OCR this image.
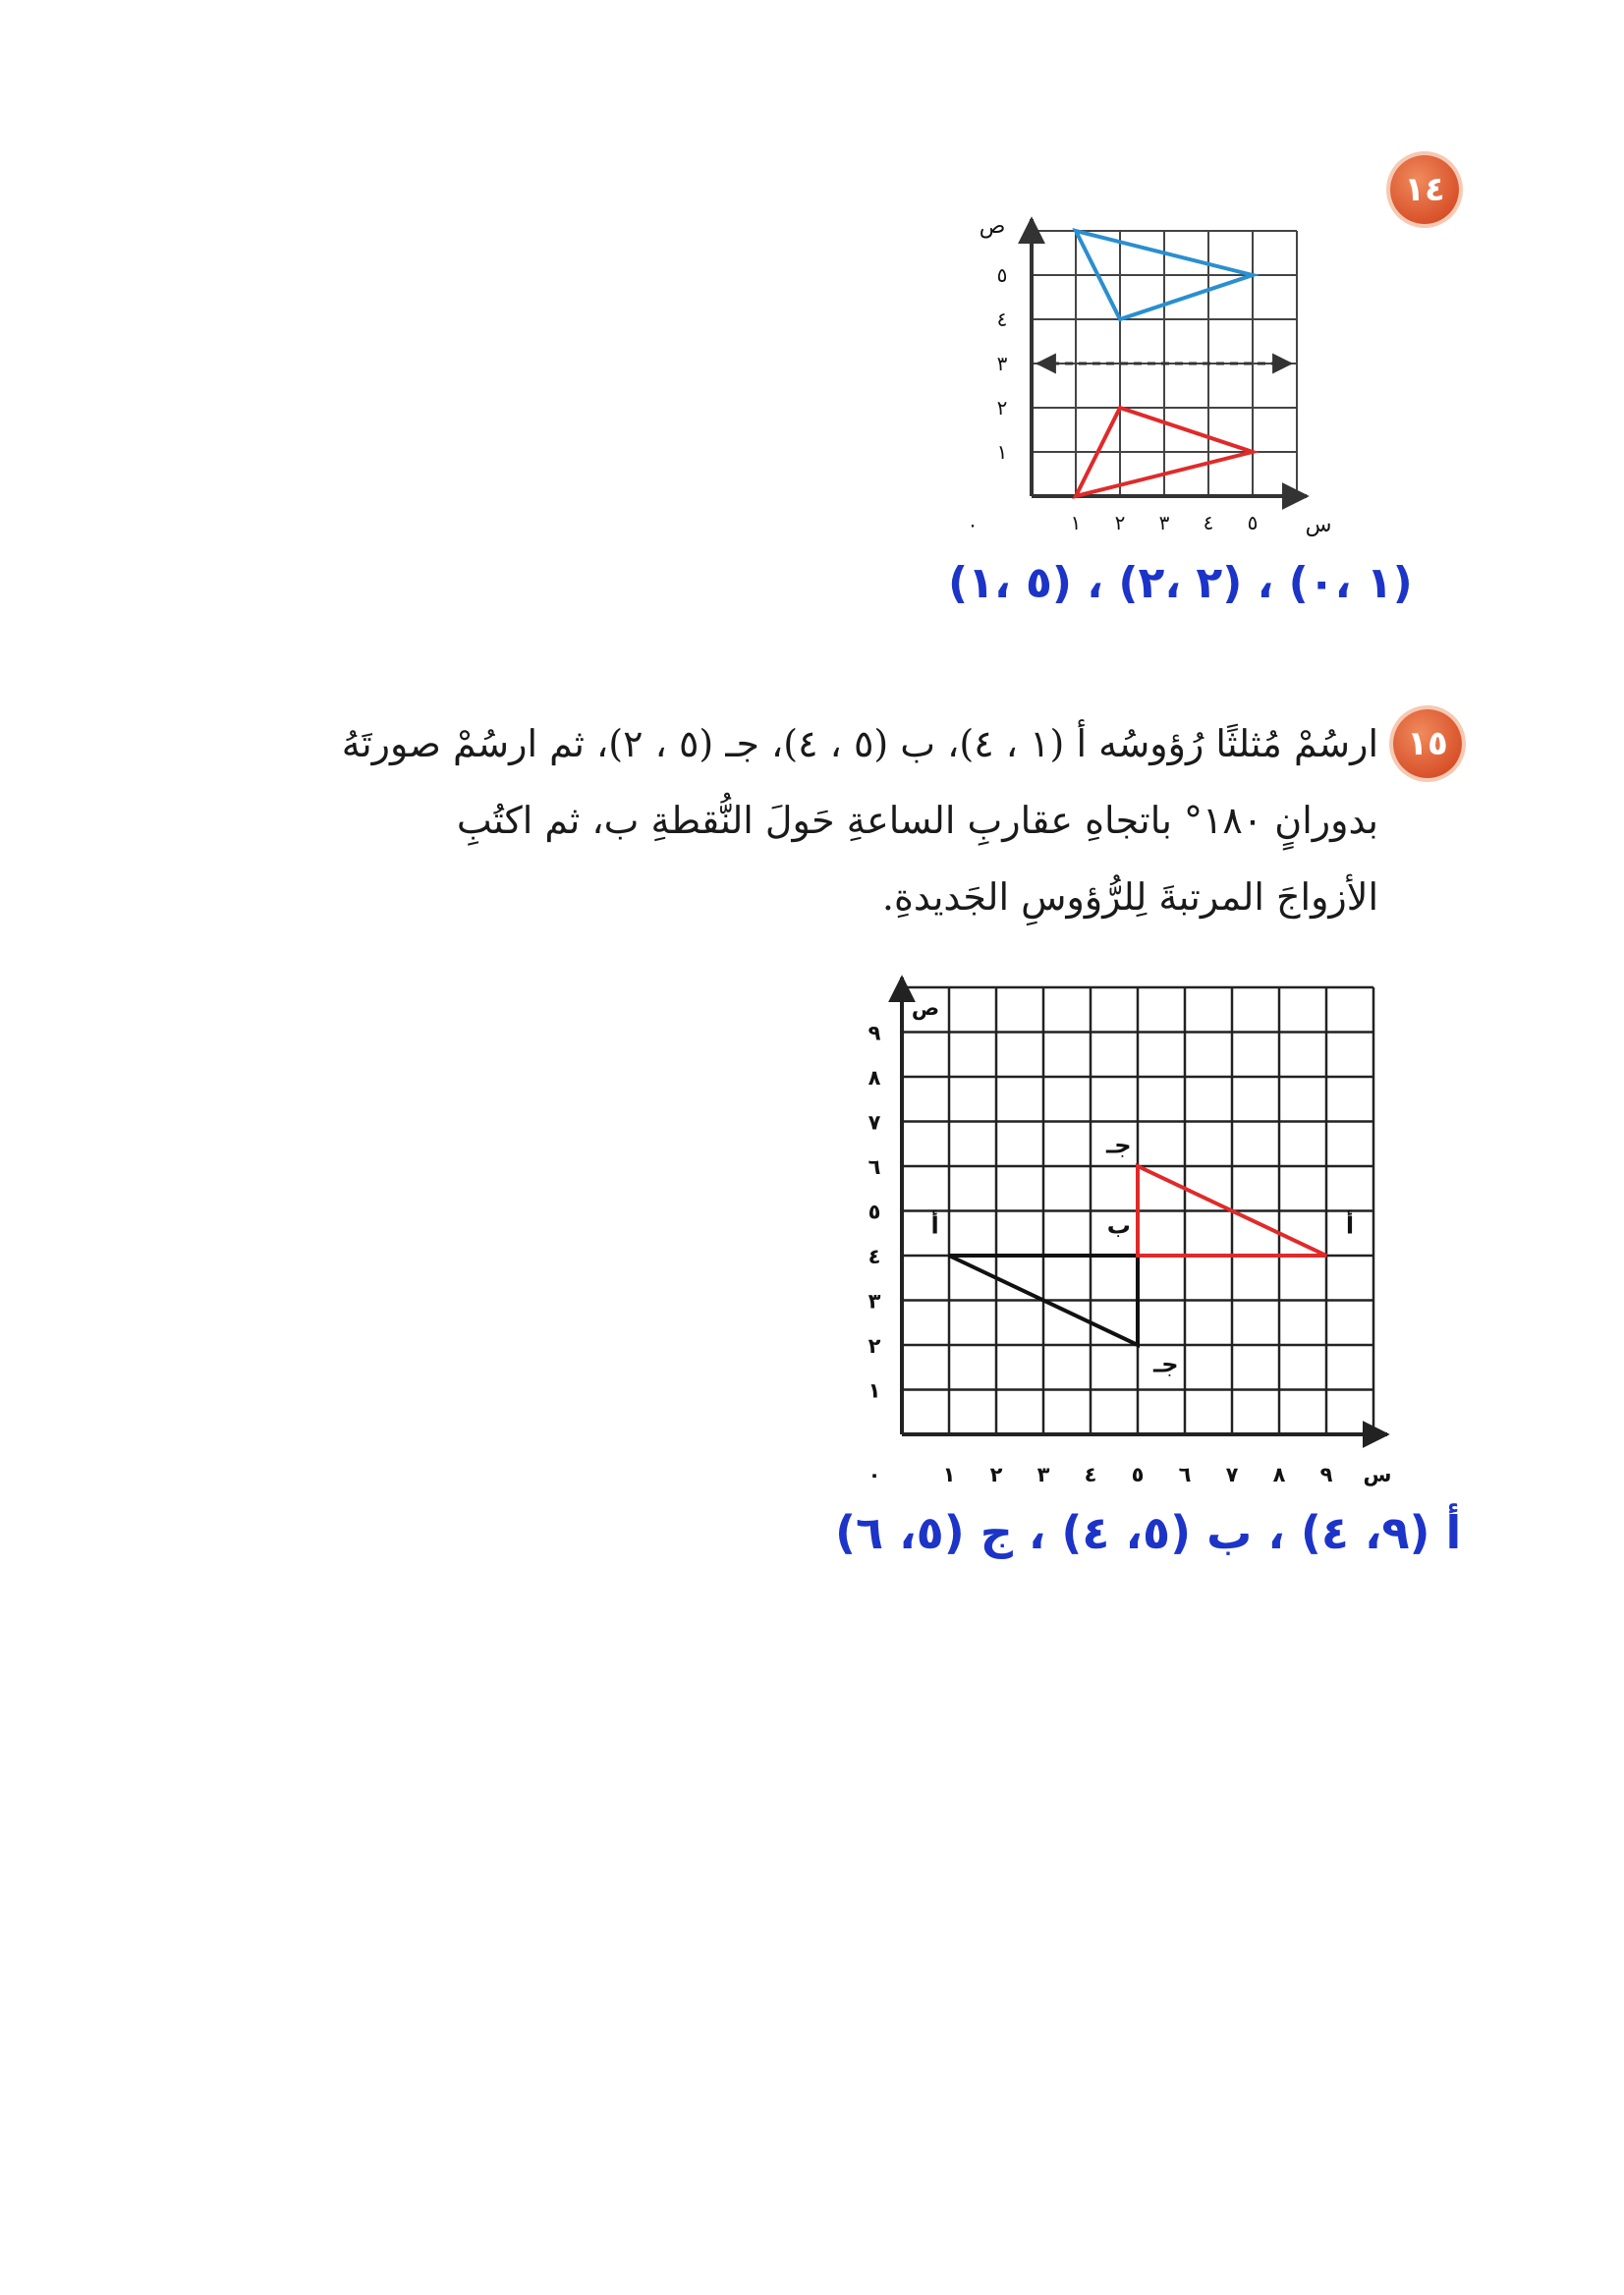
١٤
١ ٢ ٣ ٤ ٥
١
٢
٣
٤
٥
٠	س
ص
(١ ،٠) ، (٢ ،٢) ، (٥ ،١)
١٥
ارسُمْ مُثلثًا رُؤوسُه أ (١ ، ٤)، ب (٥ ، ٤)، جـ (٥ ، ٢)، ثم ارسُمْ صورتَهُ
بدورانٍ ١٨٠° باتجاهِ عقاربِ الساعةِ حَولَ النُّقطةِ ب، ثم اكتُبِ
الأزواجَ المرتبةَ لِلرُّؤوسِ الجَديدةِ.
١ ٢ ٣ ٤ ٥ ٦ ٧ ٨ ٩
١
٢
٣
٤
٥
٦
٧
٨
٩
٠	س
ص
أ	أ
ب
جـ
جـ
أ (٩، ٤) ، ب (٥، ٤) ، ج (٥، ٦)
